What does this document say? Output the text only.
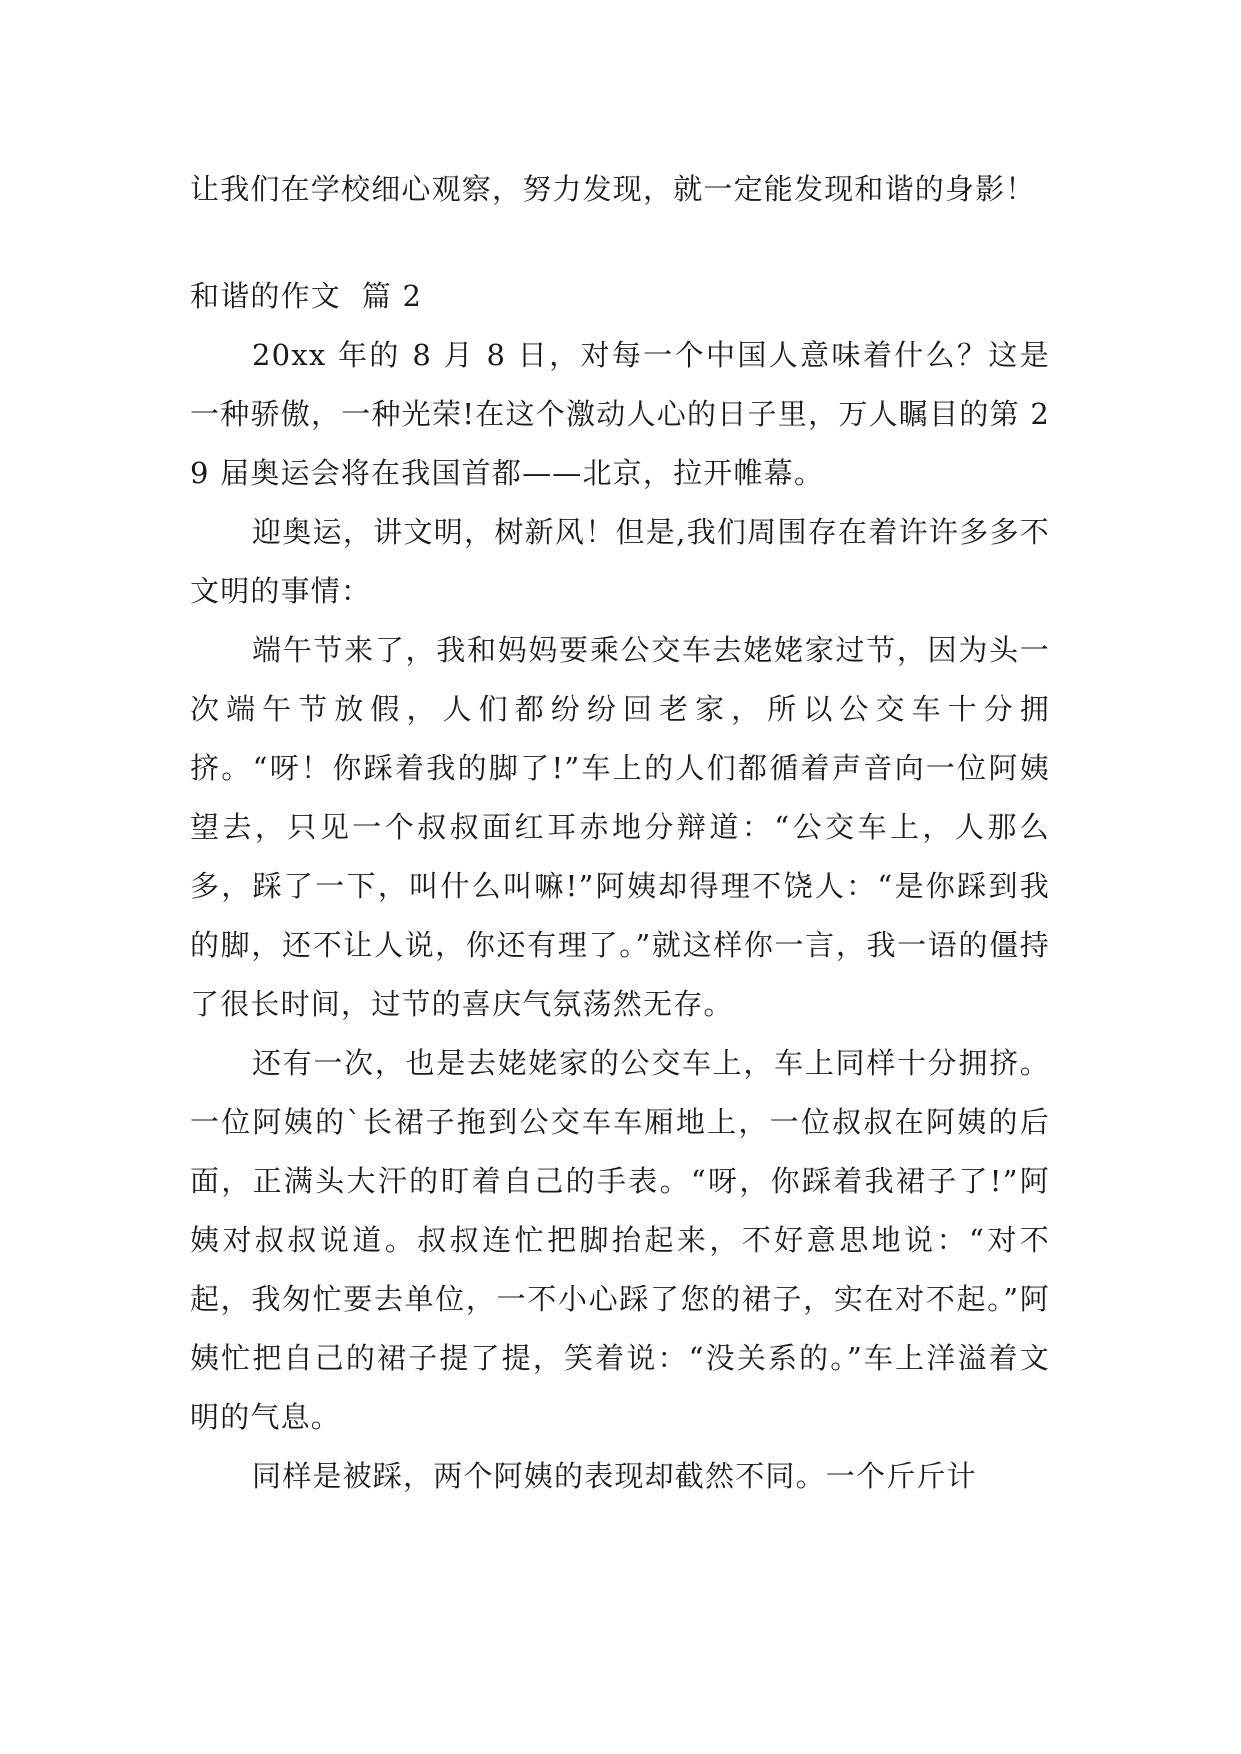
让我们在学校细心观察，努力发现，就一定能发现和谐的身影！

和谐的作文  篇 2

20xx 年的 8 月 8 日，对每一个中国人意味着什么？这是一种骄傲，一种光荣!在这个激动人心的日子里，万人瞩目的第 29 届奥运会将在我国首都——北京，拉开帷幕。

迎奥运，讲文明，树新风！但是,我们周围存在着许许多多不文明的事情：

端午节来了，我和妈妈要乘公交车去姥姥家过节，因为头一次端午节放假，人们都纷纷回老家，所以公交车十分拥挤。“呀！你踩着我的脚了!”车上的人们都循着声音向一位阿姨望去，只见一个叔叔面红耳赤地分辩道：“公交车上，人那么多，踩了一下，叫什么叫嘛!”阿姨却得理不饶人：“是你踩到我的脚，还不让人说，你还有理了。”就这样你一言，我一语的僵持了很长时间，过节的喜庆气氛荡然无存。

还有一次，也是去姥姥家的公交车上，车上同样十分拥挤。一位阿姨的`长裙子拖到公交车车厢地上，一位叔叔在阿姨的后面，正满头大汗的盯着自己的手表。“呀，你踩着我裙子了!”阿姨对叔叔说道。叔叔连忙把脚抬起来，不好意思地说：“对不起，我匆忙要去单位，一不小心踩了您的裙子，实在对不起。”阿姨忙把自己的裙子提了提，笑着说：“没关系的。”车上洋溢着文明的气息。

同样是被踩，两个阿姨的表现却截然不同。一个斤斤计
